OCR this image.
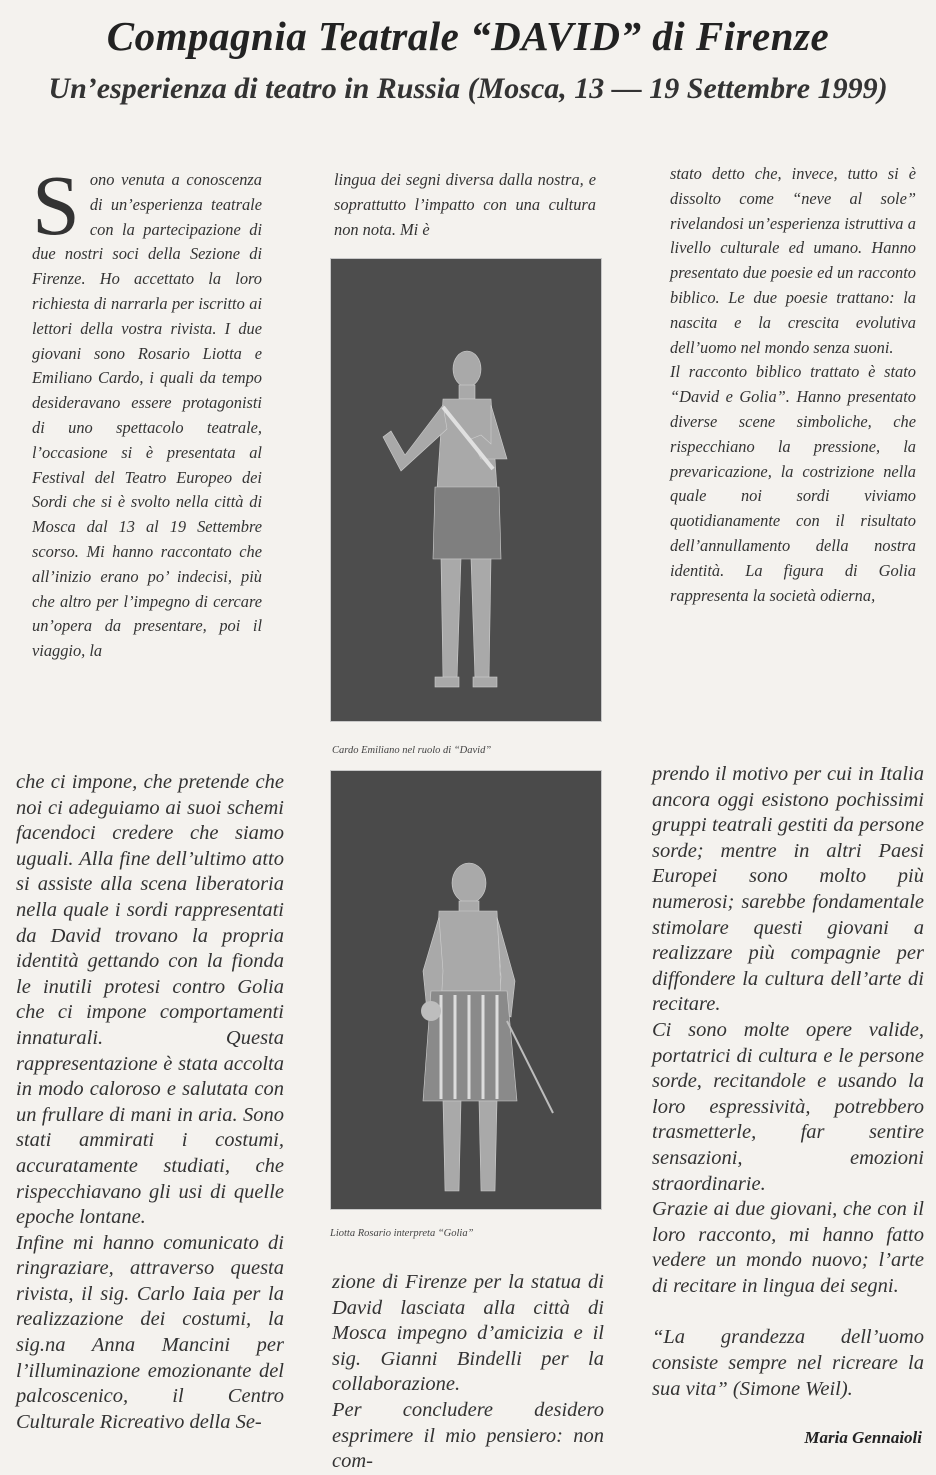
Compagnia Teatrale “DAVID” di Firenze
Un’esperienza di teatro in Russia (Mosca, 13 — 19 Settembre 1999)
S ono venuta a conoscenza di un’esperienza teatrale con la partecipazione di due nostri soci della Sezione di Firenze. Ho accettato la loro richiesta di narrarla per iscritto ai lettori della vostra rivista. I due giovani sono Rosario Liotta e Emiliano Cardo, i quali da tempo desideravano essere protagonisti di uno spettacolo teatrale, l’occasione si è presentata al Festival del Teatro Europeo dei Sordi che si è svolto nella città di Mosca dal 13 al 19 Settembre scorso. Mi hanno raccontato che all’inizio erano po’ indecisi, più che altro per l’impegno di cercare un’opera da presentare, poi il viaggio, la

lingua dei segni diversa dalla nostra, e soprattutto l’impatto con una cultura non nota. Mi è

stato detto che, invece, tutto si è dissolto come “neve al sole” rivelandosi un’esperienza istruttiva a livello culturale ed umano. Hanno presentato due poesie ed un racconto biblico. Le due poesie trattano: la nascita e la crescita evolutiva dell’uomo nel mondo senza suoni.

Il racconto biblico trattato è stato “David e Golia”. Hanno presentato diverse scene simboliche, che rispecchiano la pressione, la prevaricazione, la costrizione nella quale noi sordi viviamo quotidianamente con il risultato dell’annullamento della nostra identità. La figura di Golia rappresenta la società odierna,

Cardo Emiliano nel ruolo di “David”

Liotta Rosario interpreta “Golia”

che ci impone, che pretende che noi ci adeguiamo ai suoi schemi facendoci credere che siamo uguali. Alla fine dell’ultimo atto si assiste alla scena liberatoria nella quale i sordi rappresentati da David trovano la propria identità gettando con la fionda le inutili protesi contro Golia che ci impone comportamenti innaturali. Questa rappresentazione è stata accolta in modo caloroso e salutata con un frullare di mani in aria. Sono stati ammirati i costumi, accuratamente studiati, che rispecchiavano gli usi di quelle epoche lontane.

Infine mi hanno comunicato di ringraziare, attraverso questa rivista, il sig. Carlo Iaia per la realizzazione dei costumi, la sig.na Anna Mancini per l’illuminazione emozionante del palcoscenico, il Centro Culturale Ricreativo della Se-

zione di Firenze per la statua di David lasciata alla città di Mosca impegno d’amicizia e il sig. Gianni Bindelli per la collaborazione.

Per concludere desidero esprimere il mio pensiero: non com-

prendo il motivo per cui in Italia ancora oggi esistono pochissimi gruppi teatrali gestiti da persone sorde; mentre in altri Paesi Europei sono molto più numerosi; sarebbe fondamentale stimolare questi giovani a realizzare più compagnie per diffondere la cultura dell’arte di recitare.

Ci sono molte opere valide, portatrici di cultura e le persone sorde, recitandole e usando la loro espressività, potrebbero trasmetterle, far sentire sensazioni, emozioni straordinarie.

Grazie ai due giovani, che con il loro racconto, mi hanno fatto vedere un mondo nuovo; l’arte di recitare in lingua dei segni.

“La grandezza dell’uomo consiste sempre nel ricreare la sua vita” (Simone Weil).

Maria Gennaioli
